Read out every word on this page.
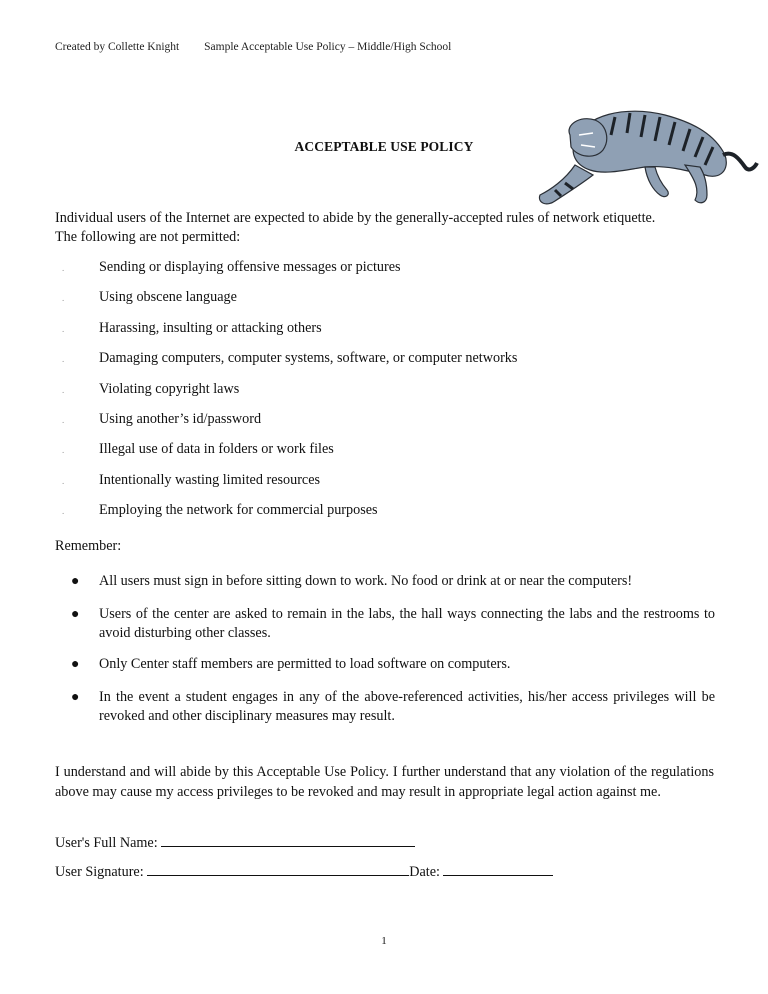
Created by Collette Knight Sample Acceptable Use Policy – Middle/High School
ACCEPTABLE USE POLICY
Individual users of the Internet are expected to abide by the generally-accepted rules of network etiquette.
The following are not permitted:
. Sending or displaying offensive messages or pictures
. Using obscene language
. Harassing, insulting or attacking others
. Damaging computers, computer systems, software, or computer networks
. Violating copyright laws
. Using another’s id/password
. Illegal use of data in folders or work files
. Intentionally wasting limited resources
. Employing the network for commercial purposes
Remember:
● All users must sign in before sitting down to work. No food or drink at or near the computers!
● Users of the center are asked to remain in the labs, the hall ways connecting the labs and the restrooms to avoid disturbing other classes.
● Only Center staff members are permitted to load software on computers.
● In the event a student engages in any of the above-referenced activities, his/her access privileges will be revoked and other disciplinary measures may result.
I understand and will abide by this Acceptable Use Policy. I further understand that any violation of the regulations above may cause my access privileges to be revoked and may result in appropriate legal action against me.
User's Full Name:
User Signature:	Date:
1
